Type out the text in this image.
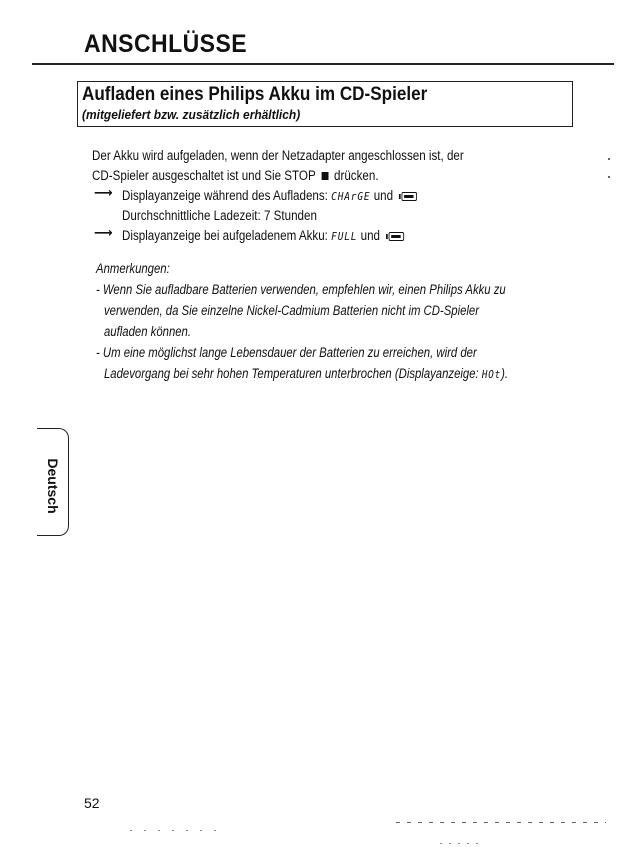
ANSCHLÜSSE
Aufladen eines Philips Akku im CD-Spieler
(mitgeliefert bzw. zusätzlich erhältlich)
Der Akku wird aufgeladen, wenn der Netzadapter angeschlossen ist, der
CD-Spieler ausgeschaltet ist und Sie STOP drücken.
⟶ Displayanzeige während des Aufladens: CHArGE und
Durchschnittliche Ladezeit: 7 Stunden
⟶ Displayanzeige bei aufgeladenem Akku: FULL und
Anmerkungen:
- Wenn Sie aufladbare Batterien verwenden, empfehlen wir, einen Philips Akku zu
verwenden, da Sie einzelne Nickel-Cadmium Batterien nicht im CD-Spieler
aufladen können.
- Um eine möglichst lange Lebensdauer der Batterien zu erreichen, wird der
Ladevorgang bei sehr hohen Temperaturen unterbrochen (Displayanzeige: HOt).
Deutsch
52
